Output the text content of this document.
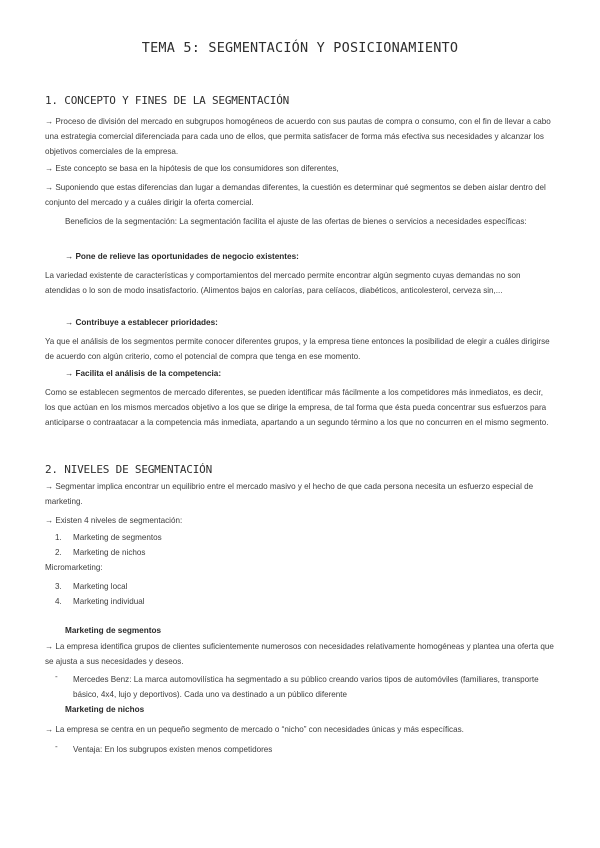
TEMA 5: SEGMENTACIÓN Y POSICIONAMIENTO
1. CONCEPTO Y FINES DE LA SEGMENTACIÓN

→ Proceso de división del mercado en subgrupos homogéneos de acuerdo con sus pautas de compra o consumo, con el fin de llevar a cabo una estrategia comercial diferenciada para cada uno de ellos, que permita satisfacer de forma más efectiva sus necesidades y alcanzar los objetivos comerciales de la empresa.

→ Este concepto se basa en la hipótesis de que los consumidores son diferentes,

→ Suponiendo que estas diferencias dan lugar a demandas diferentes, la cuestión es determinar qué segmentos se deben aislar dentro del conjunto del mercado y a cuáles dirigir la oferta comercial.

Beneficios de la segmentación: La segmentación facilita el ajuste de las ofertas de bienes o servicios a necesidades específicas:

→ Pone de relieve las oportunidades de negocio existentes:

La variedad existente de características y comportamientos del mercado permite encontrar algún segmento cuyas demandas no son atendidas o lo son de modo insatisfactorio. (Alimentos bajos en calorías, para celíacos, diabéticos, anticolesterol, cerveza sin,...

→ Contribuye a establecer prioridades:

Ya que el análisis de los segmentos permite conocer diferentes grupos, y la empresa tiene entonces la posibilidad de elegir a cuáles dirigirse de acuerdo con algún criterio, como el potencial de compra que tenga en ese momento.

→ Facilita el análisis de la competencia:

Como se establecen segmentos de mercado diferentes, se pueden identificar más fácilmente a los competidores más inmediatos, es decir, los que actúan en los mismos mercados objetivo a los que se dirige la empresa, de tal forma que ésta pueda concentrar sus esfuerzos para anticiparse o contraatacar a la competencia más inmediata, apartando a un segundo término a los que no concurren en el mismo segmento.

2. NIVELES DE SEGMENTACIÓN

→ Segmentar implica encontrar un equilibrio entre el mercado masivo y el hecho de que cada persona necesita un esfuerzo especial de marketing.

→ Existen 4 niveles de segmentación:

1. Marketing de segmentos
2. Marketing de nichos
Micromarketing:
3. Marketing local
4. Marketing individual
Marketing de segmentos

→ La empresa identifica grupos de clientes suficientemente numerosos con necesidades relativamente homogéneas y plantea una oferta que se ajusta a sus necesidades y deseos.

- Mercedes Benz: La marca automovilística ha segmentado a su público creando varios tipos de automóviles (familiares, transporte básico, 4x4, lujo y deportivos). Cada uno va destinado a un público diferente

Marketing de nichos

→ La empresa se centra en un pequeño segmento de mercado o “nicho” con necesidades únicas y más específicas.

- Ventaja: En los subgrupos existen menos competidores
